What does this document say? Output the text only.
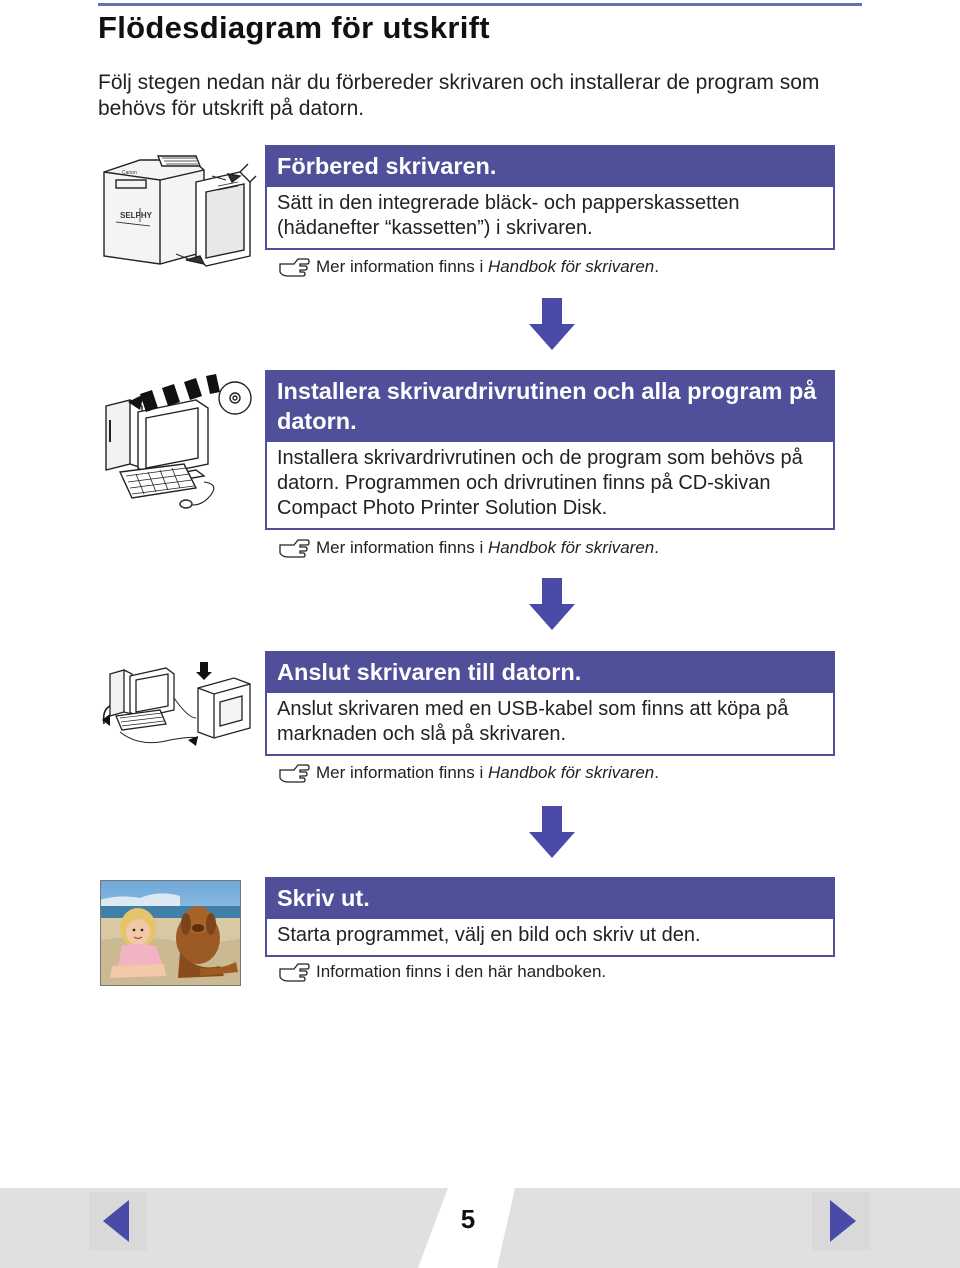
Flödesdiagram för utskrift

Följ stegen nedan när du förbereder skrivaren och installerar de program som behövs för utskrift på datorn.

SELPHY
Canon	Förbered skrivaren.
Sätt in den integrerade bläck- och papperskassetten (hädanefter “kassetten”) i skrivaren.
Mer information finns i Handbok för skrivaren.
Installera skrivardrivrutinen och alla program på datorn.
Installera skrivardrivrutinen och de program som behövs på datorn. Programmen och drivrutinen finns på CD-skivan Compact Photo Printer Solution Disk.
Mer information finns i Handbok för skrivaren.
Anslut skrivaren till datorn.
Anslut skrivaren med en USB-kabel som finns att köpa på marknaden och slå på skrivaren.
Mer information finns i Handbok för skrivaren.
Skriv ut.
Starta programmet, välj en bild och skriv ut den.
Information finns i den här handboken.
5
